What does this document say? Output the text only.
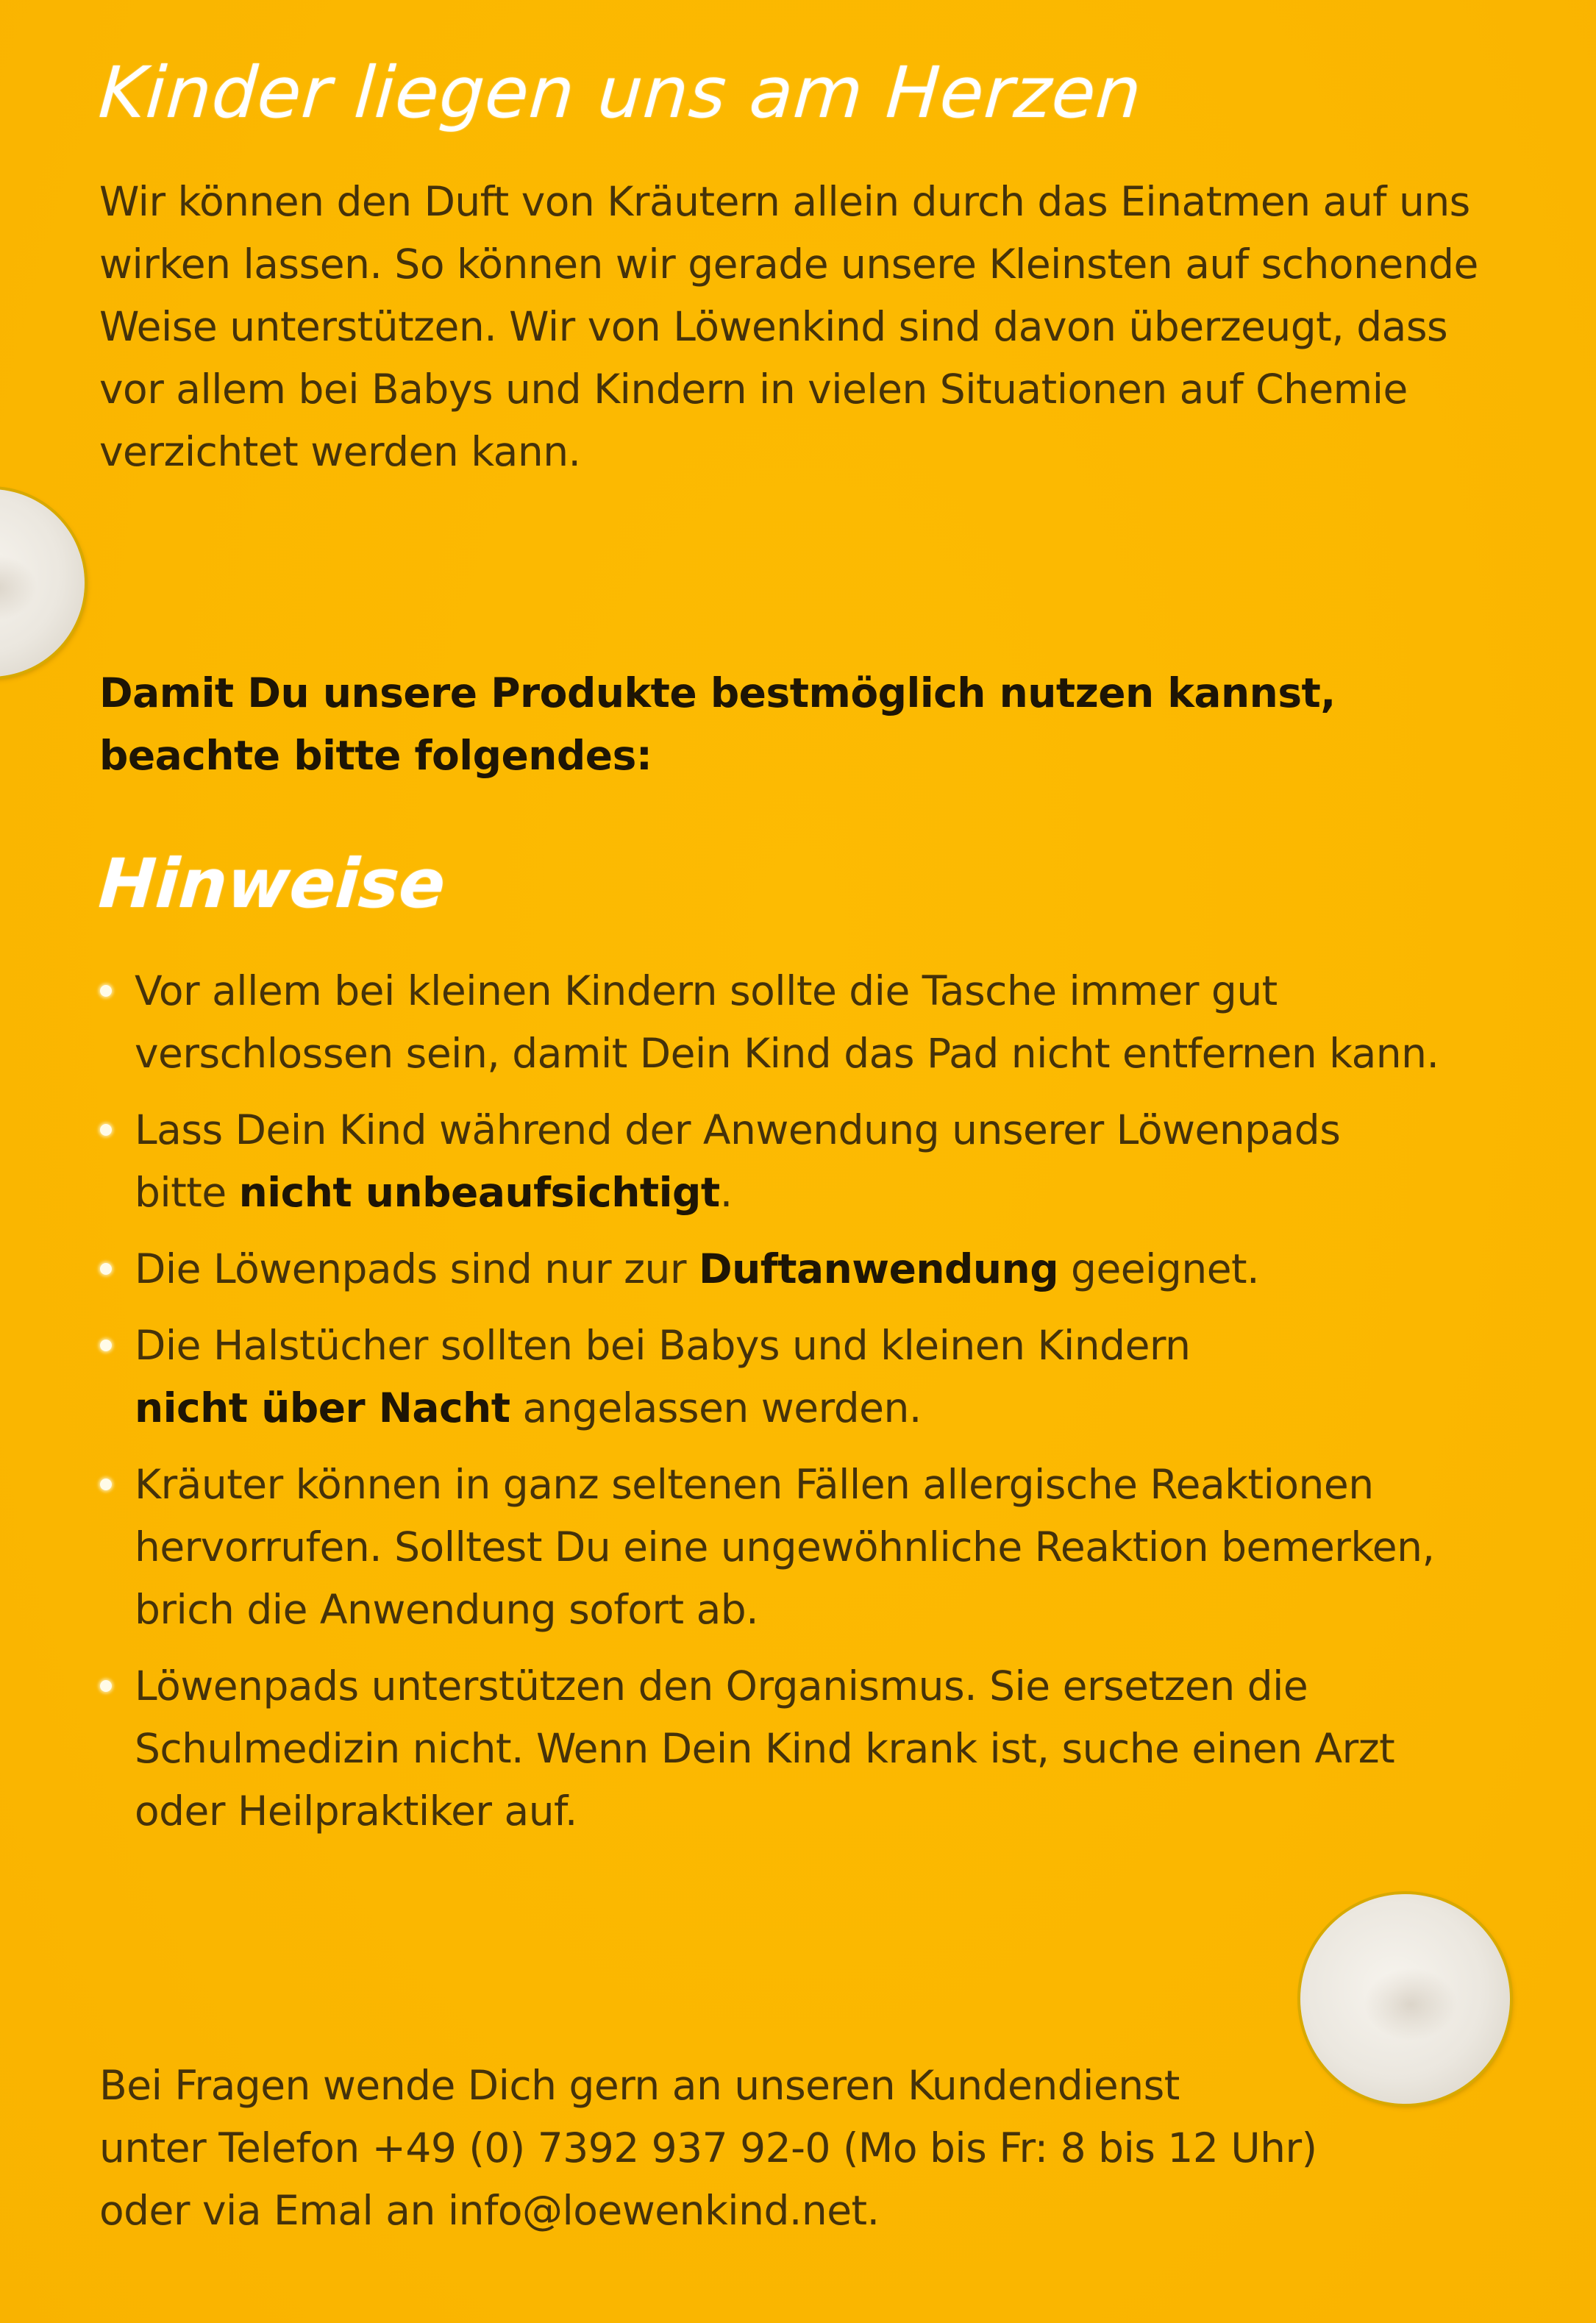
Kinder liegen uns am Herzen

Wir können den Duft von Kräutern allein durch das Einatmen auf uns
wirken lassen. So können wir gerade unsere Kleinsten auf schonende
Weise unterstützen. Wir von Löwenkind sind davon überzeugt, dass
vor allem bei Babys und Kindern in vielen Situationen auf Chemie
verzichtet werden kann.

Damit Du unsere Produkte bestmöglich nutzen kannst,
beachte bitte folgendes:

Hinweise
Vor allem bei kleinen Kindern sollte die Tasche immer gut
verschlossen sein, damit Dein Kind das Pad nicht entfernen kann.
Lass Dein Kind während der Anwendung unserer Löwenpads
bitte nicht unbeaufsichtigt.
Die Löwenpads sind nur zur Duftanwendung geeignet.
Die Halstücher sollten bei Babys und kleinen Kindern
nicht über Nacht angelassen werden.
Kräuter können in ganz seltenen Fällen allergische Reaktionen
hervorrufen. Solltest Du eine ungewöhnliche Reaktion bemerken,
brich die Anwendung sofort ab.
Löwenpads unterstützen den Organismus. Sie ersetzen die
Schulmedizin nicht. Wenn Dein Kind krank ist, suche einen Arzt
oder Heilpraktiker auf.

Bei Fragen wende Dich gern an unseren Kundendienst
unter Telefon +49 (0) 7392 937 92-0 (Mo bis Fr: 8 bis 12 Uhr)
oder via Emal an info@loewenkind.net.
